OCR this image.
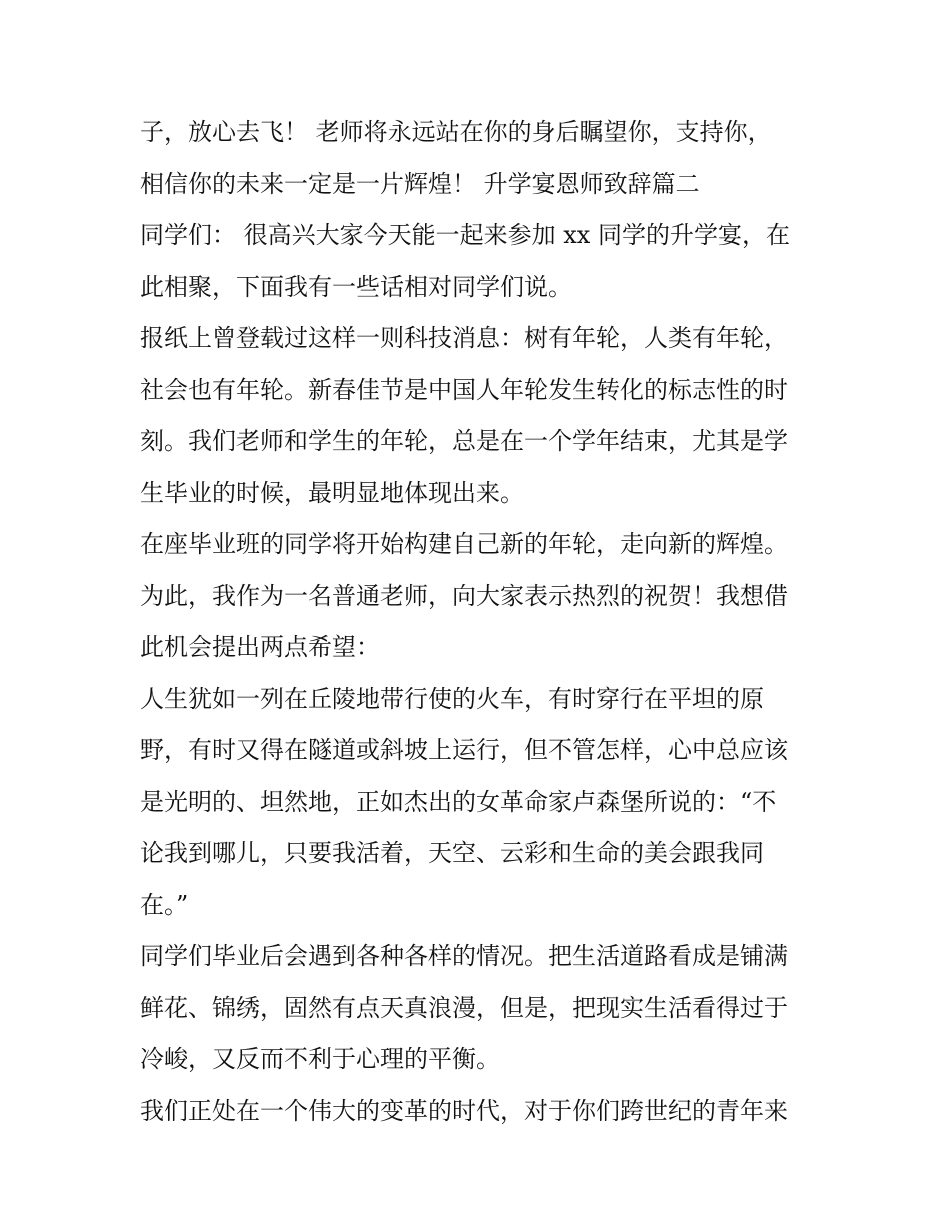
子，放心去飞！ 老师将永远站在你的身后瞩望你，支持你，
相信你的未来一定是一片辉煌！ 升学宴恩师致辞篇二
同学们： 很高兴大家今天能一起来参加 xx 同学的升学宴，在
此相聚，下面我有一些话相对同学们说。
报纸上曾登载过这样一则科技消息：树有年轮，人类有年轮，
社会也有年轮。新春佳节是中国人年轮发生转化的标志性的时
刻。我们老师和学生的年轮，总是在一个学年结束，尤其是学
生毕业的时候，最明显地体现出来。
在座毕业班的同学将开始构建自己新的年轮，走向新的辉煌。
为此，我作为一名普通老师，向大家表示热烈的祝贺！我想借
此机会提出两点希望：
人生犹如一列在丘陵地带行使的火车，有时穿行在平坦的原
野，有时又得在隧道或斜坡上运行，但不管怎样，心中总应该
是光明的、坦然地，正如杰出的女革命家卢森堡所说的：“不
论我到哪儿，只要我活着，天空、云彩和生命的美会跟我同
在。”
同学们毕业后会遇到各种各样的情况。把生活道路看成是铺满
鲜花、锦绣，固然有点天真浪漫，但是，把现实生活看得过于
冷峻，又反而不利于心理的平衡。
我们正处在一个伟大的变革的时代，对于你们跨世纪的青年来
